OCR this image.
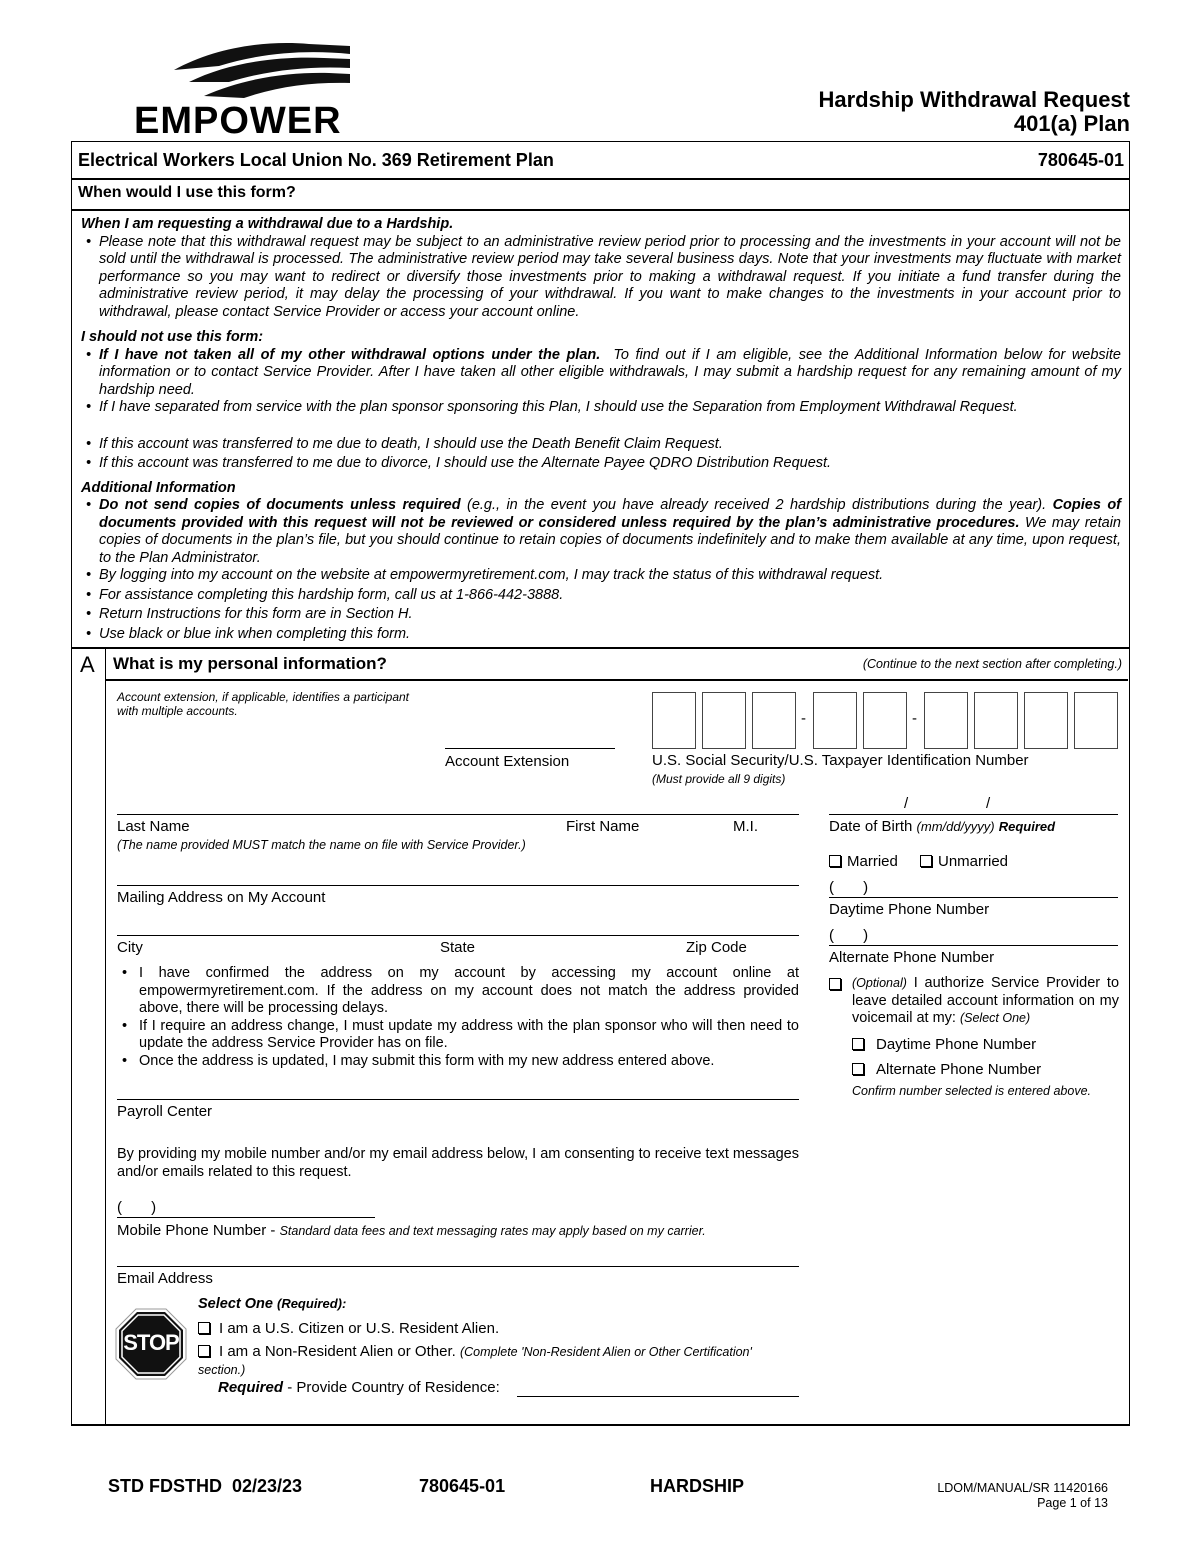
EMPOWER
Hardship Withdrawal Request
401(a) Plan
Electrical Workers Local Union No. 369 Retirement Plan	780645-01
When would I use this form?
When I am requesting a withdrawal due to a Hardship.
• Please note that this withdrawal request may be subject to an administrative review period prior to processing and the investments in your account will not be sold until the withdrawal is processed. The administrative review period may take several business days. Note that your investments may fluctuate with market performance so you may want to redirect or diversify those investments prior to making a withdrawal request. If you initiate a fund transfer during the administrative review period, it may delay the processing of your withdrawal. If you want to make changes to the investments in your account prior to withdrawal, please contact Service Provider or access your account online.
I should not use this form:
• If I have not taken all of my other withdrawal options under the plan. To find out if I am eligible, see the Additional Information below for website information or to contact Service Provider. After I have taken all other eligible withdrawals, I may submit a hardship request for any remaining amount of my hardship need.
• If I have separated from service with the plan sponsor sponsoring this Plan, I should use the Separation from Employment Withdrawal Request.
• If this account was transferred to me due to death, I should use the Death Benefit Claim Request.
• If this account was transferred to me due to divorce, I should use the Alternate Payee QDRO Distribution Request.
Additional Information
• Do not send copies of documents unless required (e.g., in the event you have already received 2 hardship distributions during the year). Copies of documents provided with this request will not be reviewed or considered unless required by the plan’s administrative procedures. We may retain copies of documents in the plan’s file, but you should continue to retain copies of documents indefinitely and to make them available at any time, upon request, to the Plan Administrator.
• By logging into my account on the website at empowermyretirement.com, I may track the status of this withdrawal request.
• For assistance completing this hardship form, call us at 1-866-442-3888.
• Return Instructions for this form are in Section H.
• Use black or blue ink when completing this form.
A What is my personal information?	(Continue to the next section after completing.)
Account extension, if applicable, identifies a participant with multiple accounts.
Account Extension
-	-
U.S. Social Security/U.S. Taxpayer Identification Number
(Must provide all 9 digits)
Last Name	First Name	M.I.
(The name provided MUST match the name on file with Service Provider.)
/	/
Date of Birth (mm/dd/yyyy) Required
Married	Unmarried
Mailing Address on My Account
(       )
Daytime Phone Number
City	State	Zip Code
(       )
Alternate Phone Number
• I have confirmed the address on my account by accessing my account online at empowermyretirement.com. If the address on my account does not match the address provided above, there will be processing delays.
• If I require an address change, I must update my address with the plan sponsor who will then need to update the address Service Provider has on file.
• Once the address is updated, I may submit this form with my new address entered above.
(Optional) I authorize Service Provider to leave detailed account information on my voicemail at my: (Select One)
Daytime Phone Number
Alternate Phone Number
Confirm number selected is entered above.
Payroll Center
By providing my mobile number and/or my email address below, I am consenting to receive text messages and/or emails related to this request.
(       )
Mobile Phone Number - Standard data fees and text messaging rates may apply based on my carrier.
Email Address
STOP
Select One (Required):
I am a U.S. Citizen or U.S. Resident Alien.
I am a Non-Resident Alien or Other. (Complete 'Non-Resident Alien or Other Certification' section.)
Required - Provide Country of Residence:
STD FDSTHD  02/23/23	780645-01	HARDSHIP	LDOM/MANUAL/SR 11420166
Page 1 of 13
